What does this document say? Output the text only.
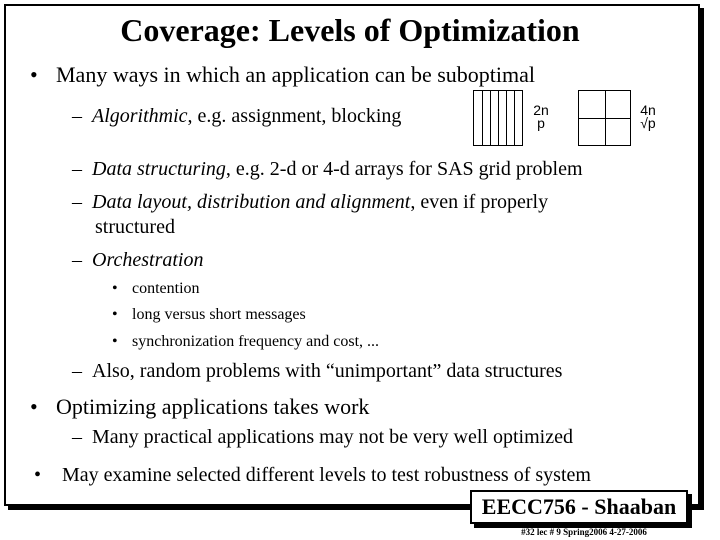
Coverage: Levels of Optimization
• Many ways in which an application can be suboptimal
– Algorithmic, e.g. assignment, blocking	2n
p
4n
√p
– Data structuring, e.g. 2-d or 4-d arrays for SAS grid problem
– Data layout, distribution and alignment, even if properly
structured
– Orchestration
• contention
• long versus short messages
• synchronization frequency and cost, ...
– Also, random problems with “unimportant” data structures
• Optimizing applications takes work
– Many practical applications may not be very well optimized
• May examine selected different levels to test robustness of system
EECC756 - Shaaban
#32 lec # 9 Spring2006 4-27-2006
